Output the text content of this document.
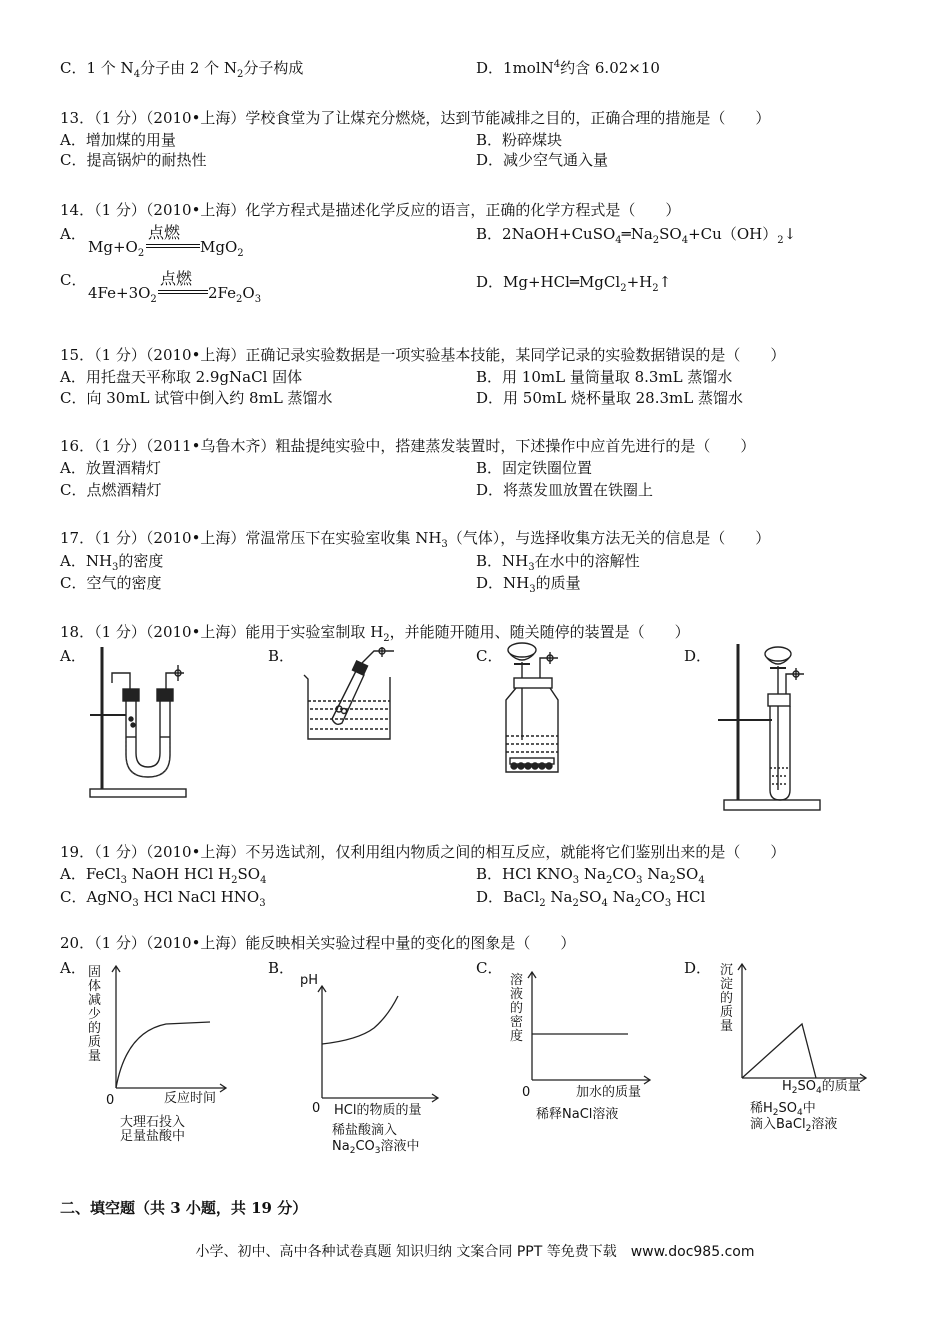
C．1 个 $N_4$分子由 2 个 $N_2$分子构成	D．1molN$^4$约含 6.02×10
13．（1 分）（2010•上海）学校食堂为了让煤充分燃烧，达到节能减排之目的，正确合理的措施是（　　）
A．增加煤的用量	B．粉碎煤块
C．提高锅炉的耐热性	D．减少空气通入量
14．（1 分）（2010•上海）化学方程式是描述化学反应的语言，正确的化学方程式是（　　）
A．	点燃
$Mg+O_2$	MgO$_2$
B．$2NaOH+CuSO_4═Na_2SO_4+Cu(OH)_2↓$
C．	点燃
$4Fe+3O_2$	$2Fe_2O_3$
D．$Mg+HCl═MgCl_2+H_2↑$
15．（1 分）（2010•上海）正确记录实验数据是一项实验基本技能，某同学记录的实验数据错误的是（　　）
A．用托盘天平称取 2.9gNaCl 固体	B．用 10mL 量筒量取 8.3mL 蒸馏水
C．向 30mL 试管中倒入约 8mL 蒸馏水	D．用 50mL 烧杯量取 28.3mL 蒸馏水
16．（1 分）（2011•乌鲁木齐）粗盐提纯实验中，搭建蒸发装置时，下述操作中应首先进行的是（　　）
A．放置酒精灯	B．固定铁圈位置
C．点燃酒精灯	D．将蒸发皿放置在铁圈上
17．（1 分）（2010•上海）常温常压下在实验室收集 $NH_3$（气体），与选择收集方法无关的信息是（　　）
A．$NH_3$的密度	B．$NH_3$在水中的溶解性
C．空气的密度	D．$NH_3$的质量
18．（1 分）（2010•上海）能用于实验室制取 $H_2$，并能随开随用、随关随停的装置是（　　）
A．	B．	C．	D．
19．（1 分）（2010•上海）不另选试剂，仅利用组内物质之间的相互反应，就能将它们鉴别出来的是（　　）
A．FeCl$_3$ NaOH HCl $H_2SO_4$	B．HCl $KNO_3$ $Na_2CO_3$ $Na_2SO_4$
C．AgNO$_3$ HCl NaCl $HNO_3$	D．BaCl$_2$ $Na_2SO_4$ $Na_2CO_3$ HCl
20．（1 分）（2010•上海）能反映相关实验过程中量的变化的图象是（　　）
A．	B．	C．	D．
固
体
减
少
的
质
量
0	反应时间
大理石投入
足量盐酸中
pH
0 HCl的物质的量
稀盐酸滴入
$Na_2CO_3$溶液中
溶
液
的
密
度
0	加水的质量
稀释NaCl溶液
沉
淀
的
质
量
$H_2SO_4$的质量
稀$H_2SO_4$中
滴入BaCl$_2$溶液
二、填空题（共 3 小题，共 19 分）
小学、初中、高中各种试卷真题 知识归纳 文案合同 PPT 等免费下载　www.doc985.com
